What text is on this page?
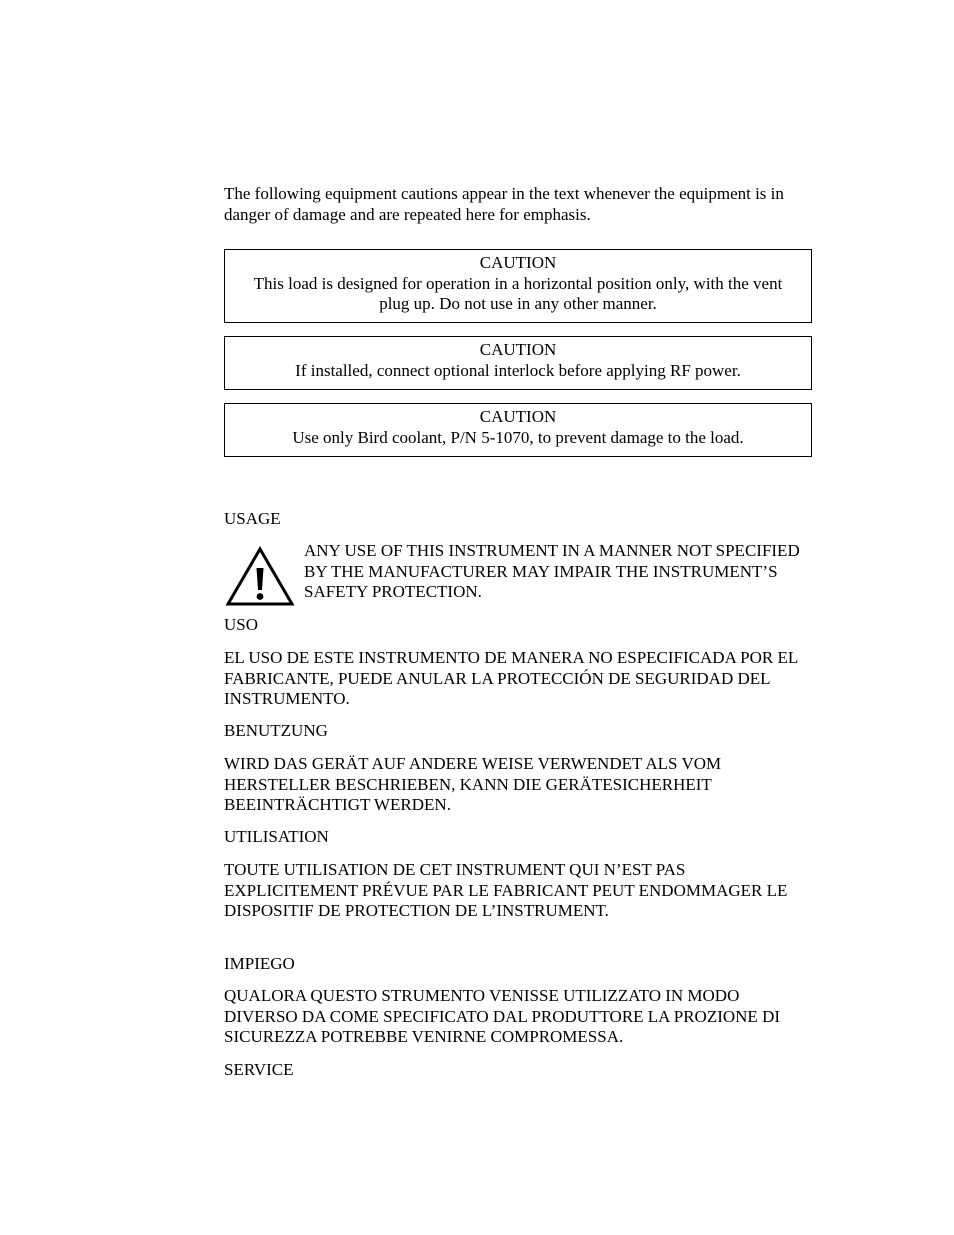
The following equipment cautions appear in the text whenever the equipment is in danger of damage and are repeated here for emphasis.

CAUTION

This load is designed for operation in a horizontal position only, with the vent plug up. Do not use in any other manner.

CAUTION

If installed, connect optional interlock before applying RF power.

CAUTION

Use only Bird coolant, P/N 5-1070, to prevent damage to the load.

USAGE

ANY USE OF THIS INSTRUMENT IN A MANNER NOT SPECIFIED BY THE MANUFACTURER MAY IMPAIR THE INSTRUMENT’S SAFETY PROTECTION.

USO

EL USO DE ESTE INSTRUMENTO DE MANERA NO ESPECIFICADA POR EL FABRICANTE, PUEDE ANULAR LA PROTECCIÓN DE SEGURIDAD DEL INSTRUMENTO.

BENUTZUNG

WIRD DAS GERÄT AUF ANDERE WEISE VERWENDET ALS VOM HERSTELLER BESCHRIEBEN, KANN DIE GERÄTESICHERHEIT BEEINTRÄCHTIGT WERDEN.

UTILISATION

TOUTE UTILISATION DE CET INSTRUMENT QUI N’EST PAS EXPLICITEMENT PRÉVUE PAR LE FABRICANT PEUT ENDOMMAGER LE DISPOSITIF DE PROTECTION DE L’INSTRUMENT.

IMPIEGO

QUALORA QUESTO STRUMENTO VENISSE UTILIZZATO IN MODO DIVERSO DA COME SPECIFICATO DAL PRODUTTORE LA PROZIONE DI SICUREZZA POTREBBE VENIRNE COMPROMESSA.

SERVICE
